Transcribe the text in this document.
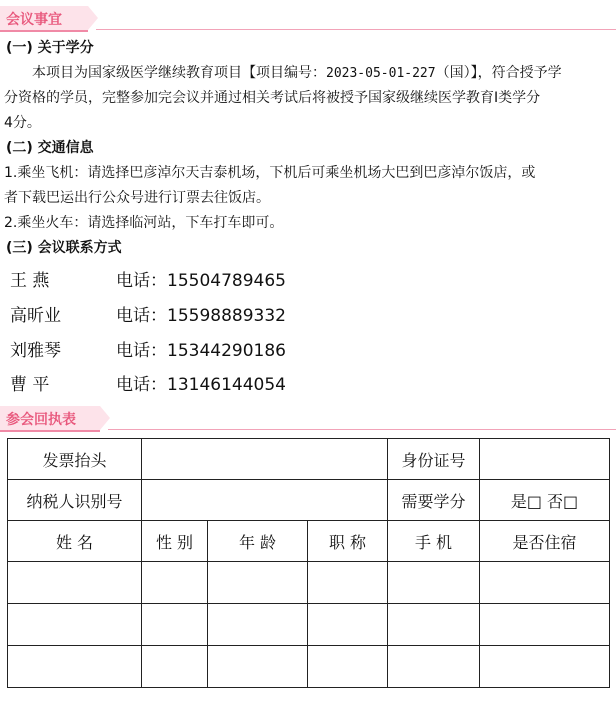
会议事宜
(一) 关于学分
本项目为国家级医学继续教育项目【项目编号：2023-05-01-227（国）】，符合授予学
分资格的学员，完整参加完会议并通过相关考试后将被授予国家级继续医学教育I类学分
4分。
(二) 交通信息
1.乘坐飞机：请选择巴彦淖尔天吉泰机场，下机后可乘坐机场大巴到巴彦淖尔饭店，或
者下载巴运出行公众号进行订票去往饭店。
2.乘坐火车：请选择临河站，下车打车即可。
(三) 会议联系方式
王 燕	电话：15504789465
高昕业	电话：15598889332
刘雅琴	电话：15344290186
曹 平	电话：13146144054
参会回执表
发票抬头				身份证号	
纳税人识别号				需要学分	是□ 否□
姓 名	性 别	年 龄	职 称	手 机	是否住宿
